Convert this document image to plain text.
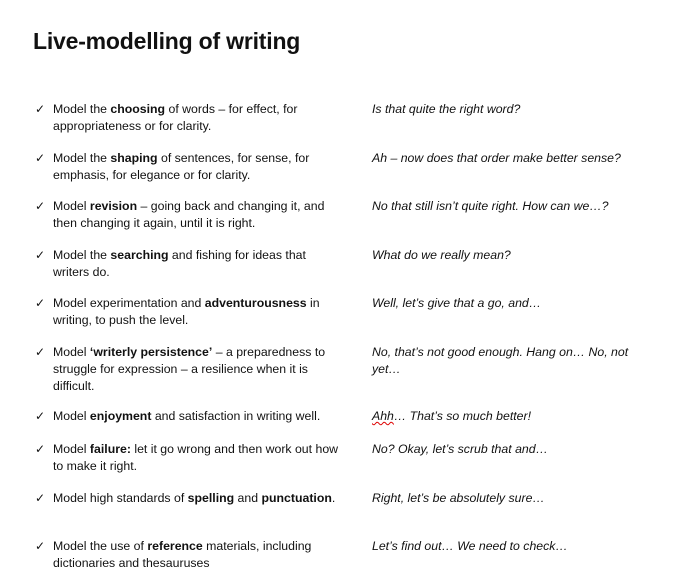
Live-modelling of writing
✓ Model the choosing of words – for effect, for appropriateness or for clarity.
Is that quite the right word?
✓ Model the shaping of sentences, for sense, for emphasis, for elegance or for clarity.
Ah – now does that order make better sense?
✓ Model revision – going back and changing it, and then changing it again, until it is right.
No that still isn’t quite right. How can we…?
✓ Model the searching and fishing for ideas that writers do.
What do we really mean?
✓ Model experimentation and adventurousness in writing, to push the level.
Well, let’s give that a go, and…
✓ Model ‘writerly persistence’ – a preparedness to struggle for expression – a resilience when it is difficult.
No, that’s not good enough. Hang on… No, not yet…
✓ Model enjoyment and satisfaction in writing well.	Ahh… That’s so much better!
✓ Model failure: let it go wrong and then work out how to make it right.
No? Okay, let’s scrub that and…
✓ Model high standards of spelling and punctuation.	Right, let’s be absolutely sure…
✓ Model the use of reference materials, including dictionaries and thesauruses
Let’s find out… We need to check…
